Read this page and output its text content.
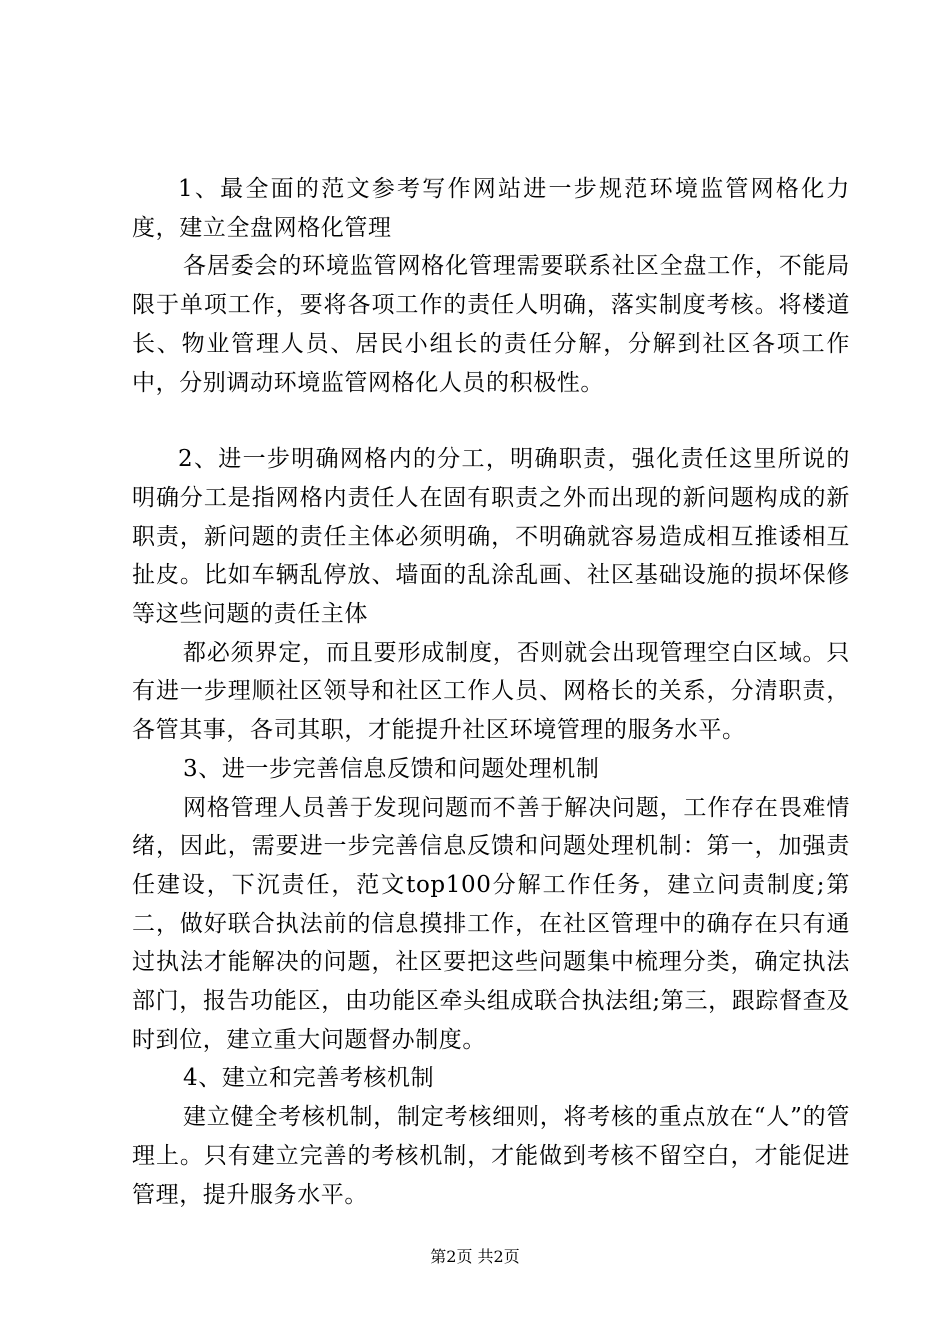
1、最全面的范文参考写作网站进一步规范环境监管网格化力度，建立全盘网格化管理

各居委会的环境监管网格化管理需要联系社区全盘工作，不能局限于单项工作，要将各项工作的责任人明确，落实制度考核。将楼道长、物业管理人员、居民小组长的责任分解，分解到社区各项工作中，分别调动环境监管网格化人员的积极性。

2、进一步明确网格内的分工，明确职责，强化责任这里所说的明确分工是指网格内责任人在固有职责之外而出现的新问题构成的新职责，新问题的责任主体必须明确，不明确就容易造成相互推诿相互扯皮。比如车辆乱停放、墙面的乱涂乱画、社区基础设施的损坏保修等这些问题的责任主体

都必须界定，而且要形成制度，否则就会出现管理空白区域。只有进一步理顺社区领导和社区工作人员、网格长的关系，分清职责，各管其事，各司其职，才能提升社区环境管理的服务水平。

3、进一步完善信息反馈和问题处理机制

网格管理人员善于发现问题而不善于解决问题，工作存在畏难情绪，因此，需要进一步完善信息反馈和问题处理机制：第一，加强责任建设，下沉责任，范文top100分解工作任务，建立问责制度;第二，做好联合执法前的信息摸排工作，在社区管理中的确存在只有通过执法才能解决的问题，社区要把这些问题集中梳理分类，确定执法部门，报告功能区，由功能区牵头组成联合执法组;第三，跟踪督查及时到位，建立重大问题督办制度。

4、建立和完善考核机制

建立健全考核机制，制定考核细则，将考核的重点放在“人”的管理上。只有建立完善的考核机制，才能做到考核不留空白，才能促进管理，提升服务水平。

第2页 共2页
